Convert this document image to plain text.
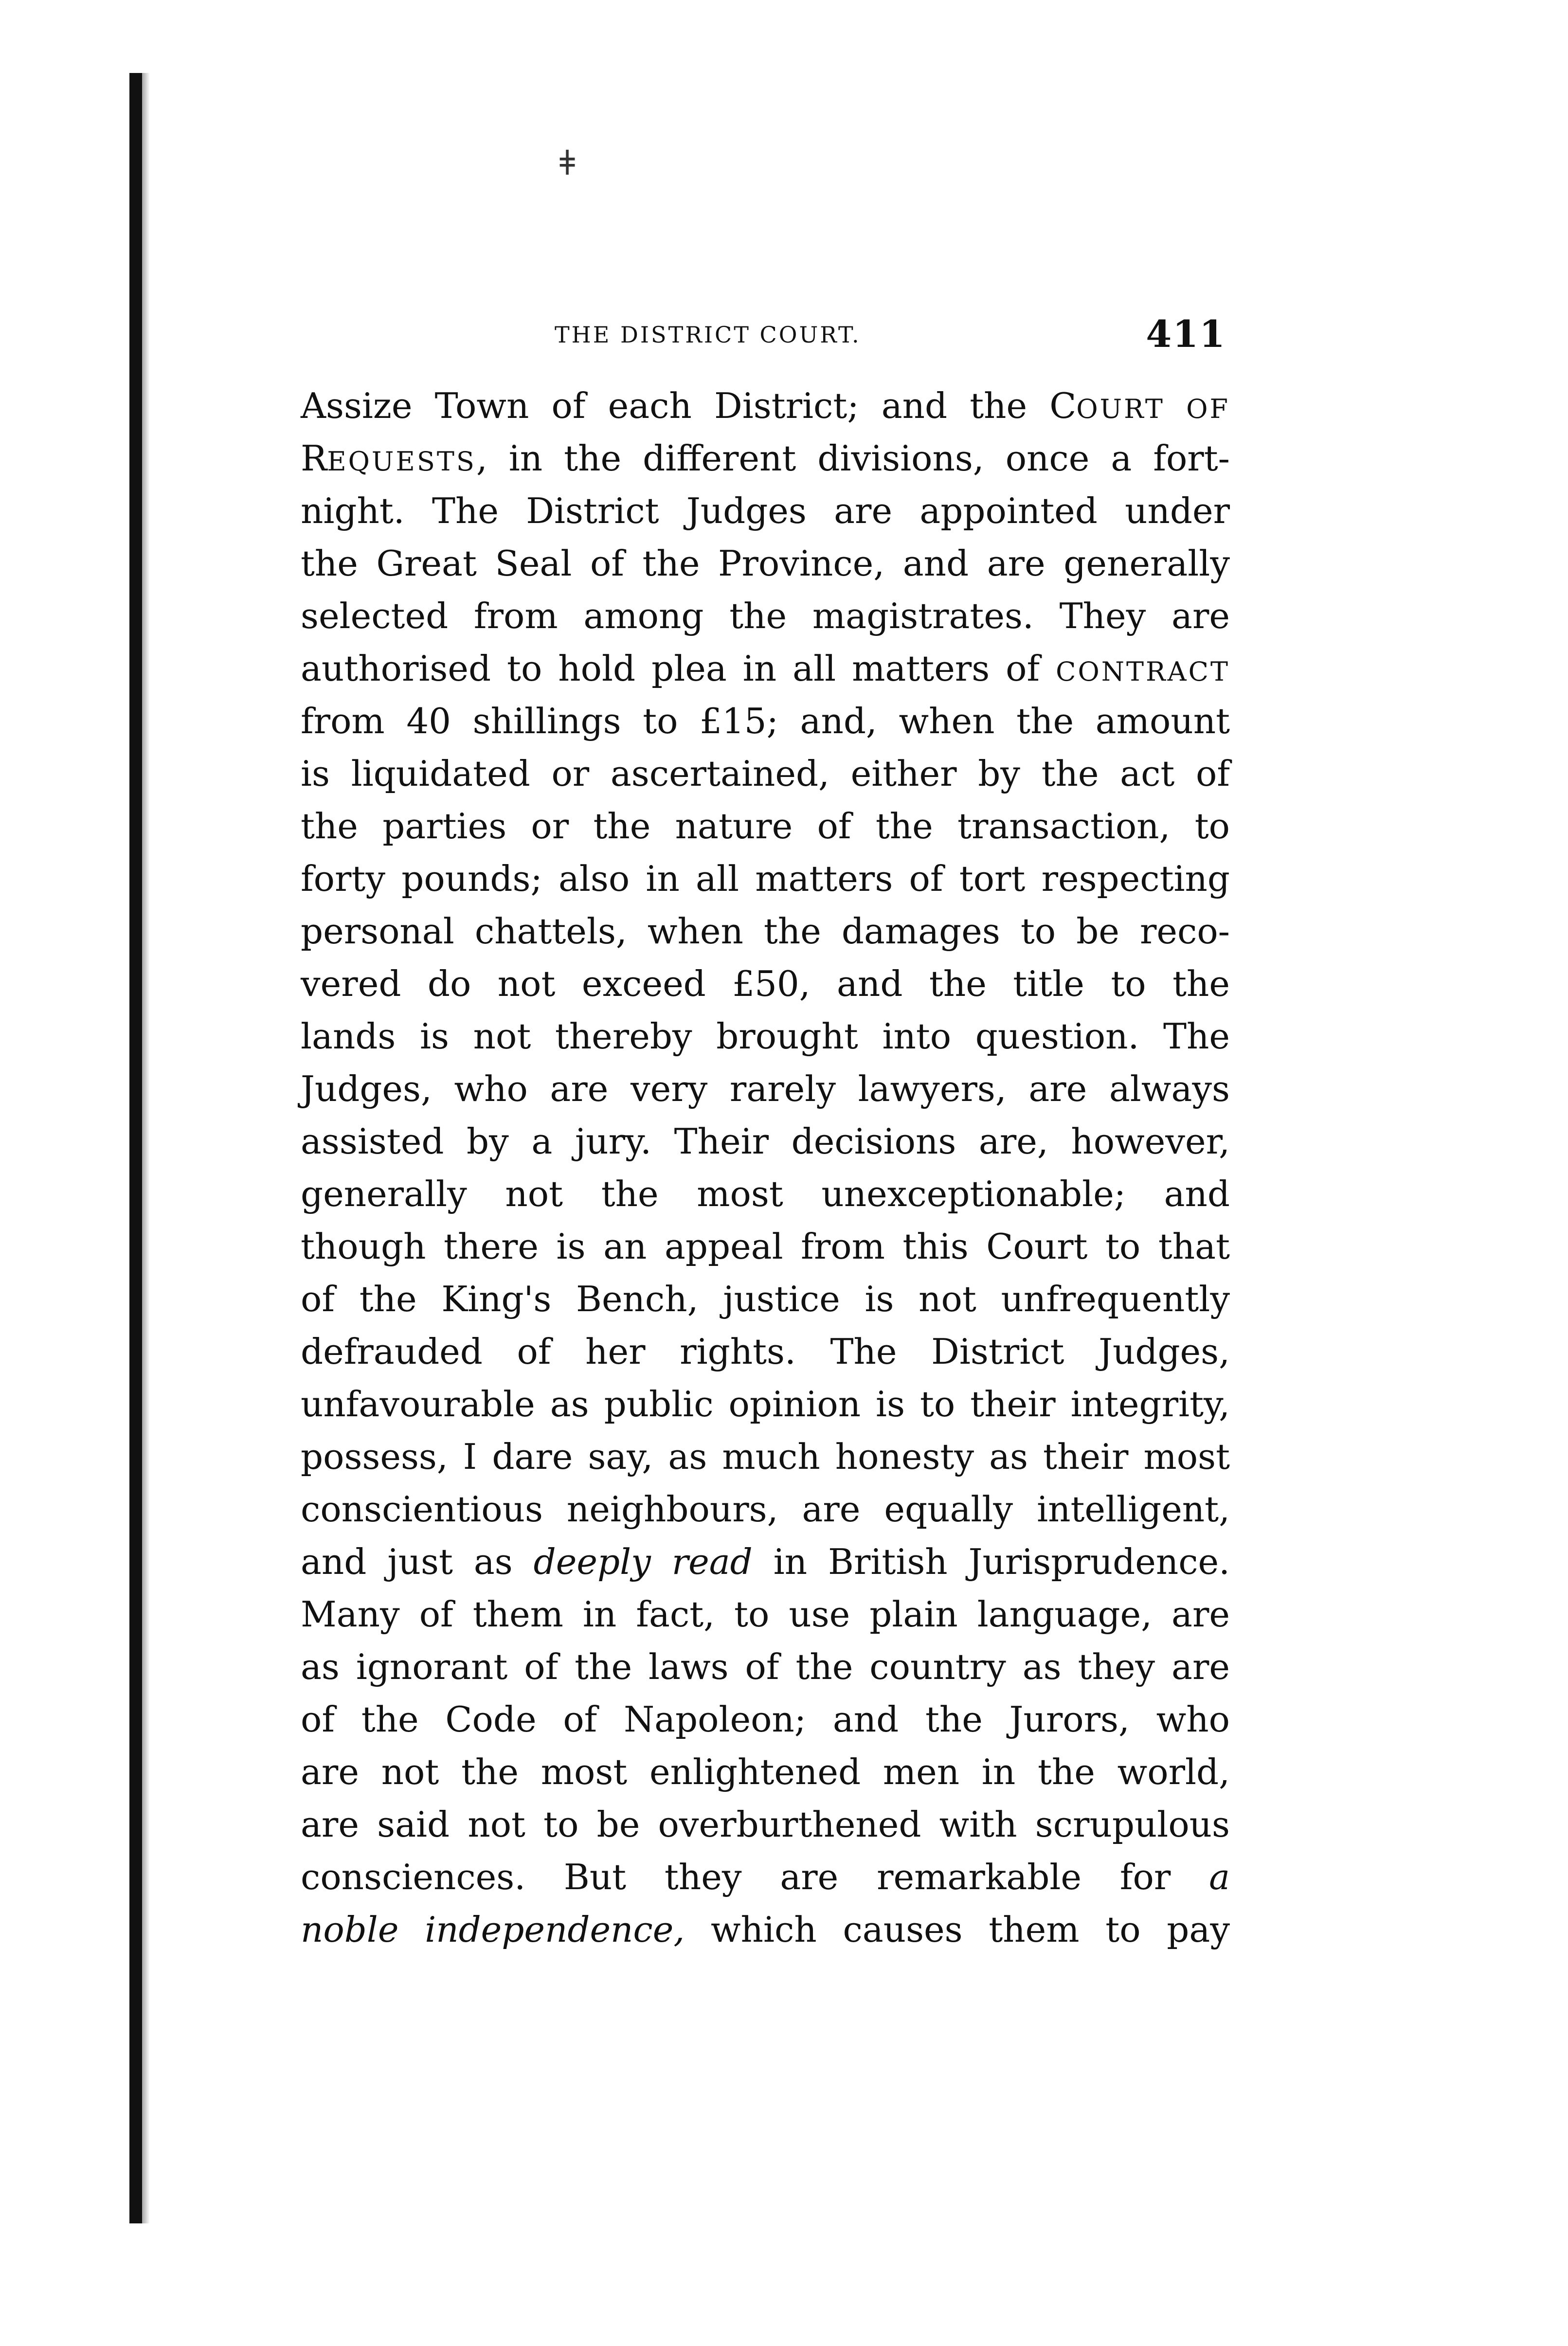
ǂ
THE DISTRICT COURT.	411
Assize Town of each District; and the COURT OF
REQUESTS, in the different divisions, once a fort-
night. The District Judges are appointed under
the Great Seal of the Province, and are generally
selected from among the magistrates. They are
authorised to hold plea in all matters of CONTRACT
from 40 shillings to £15; and, when the amount
is liquidated or ascertained, either by the act of
the parties or the nature of the transaction, to
forty pounds; also in all matters of tort respecting
personal chattels, when the damages to be reco-
vered do not exceed £50, and the title to the
lands is not thereby brought into question. The
Judges, who are very rarely lawyers, are always
assisted by a jury. Their decisions are, however,
generally not the most unexceptionable; and
though there is an appeal from this Court to that
of the King's Bench, justice is not unfrequently
defrauded of her rights. The District Judges,
unfavourable as public opinion is to their integrity,
possess, I dare say, as much honesty as their most
conscientious neighbours, are equally intelligent,
and just as deeply read in British Jurisprudence.
Many of them in fact, to use plain language, are
as ignorant of the laws of the country as they are
of the Code of Napoleon; and the Jurors, who
are not the most enlightened men in the world,
are said not to be overburthened with scrupulous
consciences. But they are remarkable for a
noble independence, which causes them to pay
